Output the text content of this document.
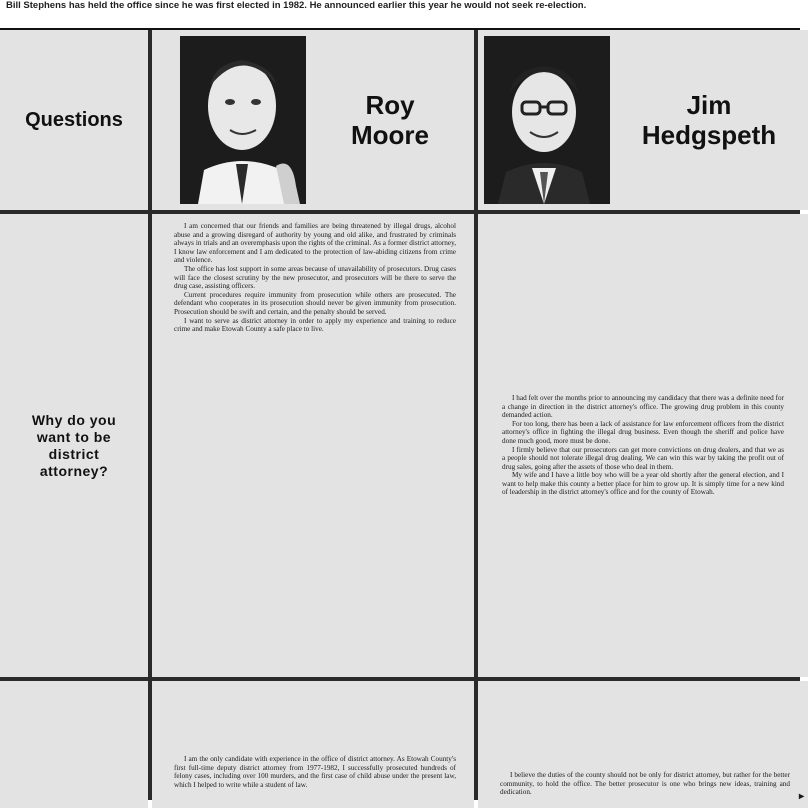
Bill Stephens has held the office since he was first elected in 1982. He announced earlier this year he would not seek re-election.
Questions	Roy
Moore
Jim
Hedgspeth
Why do you want to be district attorney?

I am concerned that our friends and families are being threatened by illegal drugs, alcohol abuse and a growing disregard of authority by young and old alike, and frustrated by criminals always in trials and an overemphasis upon the rights of the criminal. As a former district attorney, I know law enforcement and I am dedicated to the protection of law-abiding citizens from crime and violence.

The office has lost support in some areas because of unavailability of prosecutors. Drug cases will face the closest scrutiny by the new prosecutor, and prosecutors will be there to serve the drug case, assisting officers.

Current procedures require immunity from prosecution while others are prosecuted. The defendant who cooperates in its prosecution should never be given immunity from prosecution. Prosecution should be swift and certain, and the penalty should be served.

I want to serve as district attorney in order to apply my experience and training to reduce crime and make Etowah County a safe place to live.

I had felt over the months prior to announcing my candidacy that there was a definite need for a change in direction in the district attorney's office. The growing drug problem in this county demanded action.

For too long, there has been a lack of assistance for law enforcement officers from the district attorney's office in fighting the illegal drug business. Even though the sheriff and police have done much good, more must be done.

I firmly believe that our prosecutors can get more convictions on drug dealers, and that we as a people should not tolerate illegal drug dealing. We can win this war by taking the profit out of drug sales, going after the assets of those who deal in them.

My wife and I have a little boy who will be a year old shortly after the general election, and I want to help make this county a better place for him to grow up. It is simply time for a new kind of leadership in the district attorney's office and for the county of Etowah.

I am the only candidate with experience in the office of district attorney. As Etowah County's first full-time deputy district attorney from 1977-1982, I successfully prosecuted hundreds of felony cases, including over 100 murders, and the first case of child abuse under the present law, which I helped to write while a student of law.

I believe the duties of the county should not be only for district attorney, but rather for the better community, to hold the office. The better prosecutor is one who brings new ideas, training and dedication.	▸
